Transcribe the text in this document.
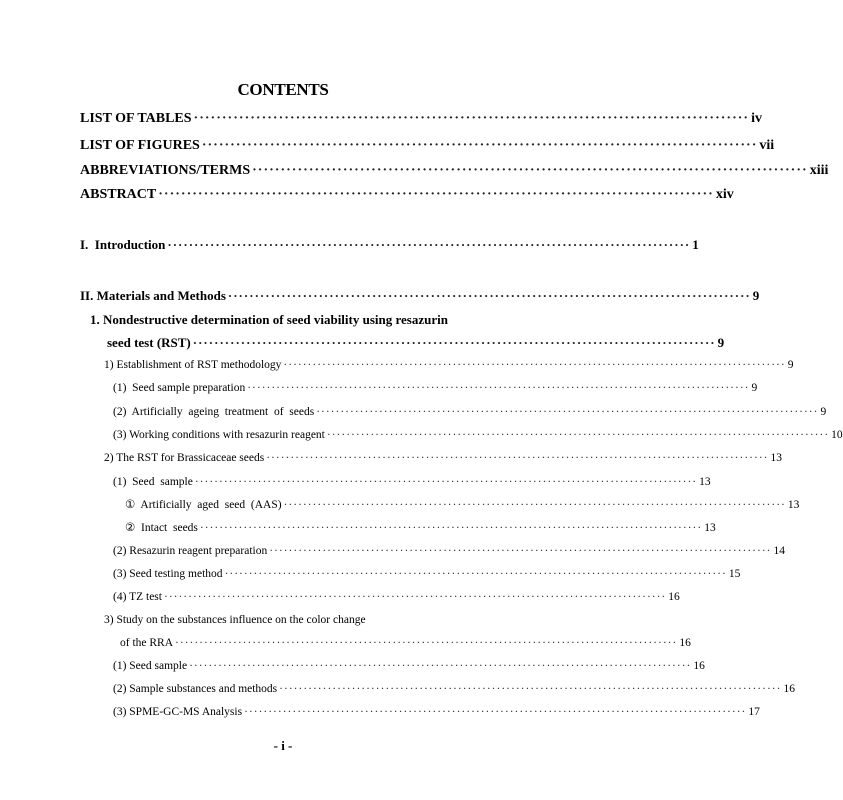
CONTENTS
LIST OF TABLES ·································································································· iv
LIST OF FIGURES ·································································································· vii
ABBREVIATIONS/TERMS ·································································································· xiii
ABSTRACT ·································································································· xiv
I.  Introduction ·································································································· 1
II. Materials and Methods ·································································································· 9
1. Nondestructive determination of seed viability using resazurin
seed test (RST) ·································································································· 9
1) Establishment of RST methodology ········································································································ 9
(1)  Seed sample preparation ········································································································ 9
(2)  Artificially  ageing  treatment  of  seeds ········································································································ 9
(3) Working conditions with resazurin reagent ········································································································ 10
2) The RST for Brassicaceae seeds ········································································································ 13
(1)  Seed  sample ········································································································ 13
①  Artificially  aged  seed  (AAS) ········································································································ 13
②  Intact  seeds ········································································································ 13
(2) Resazurin reagent preparation ········································································································ 14
(3) Seed testing method ········································································································ 15
(4) TZ test ········································································································ 16
3) Study on the substances influence on the color change
of the RRA ········································································································ 16
(1) Seed sample ········································································································ 16
(2) Sample substances and methods ········································································································ 16
(3) SPME-GC-MS Analysis ········································································································ 17
- i -
